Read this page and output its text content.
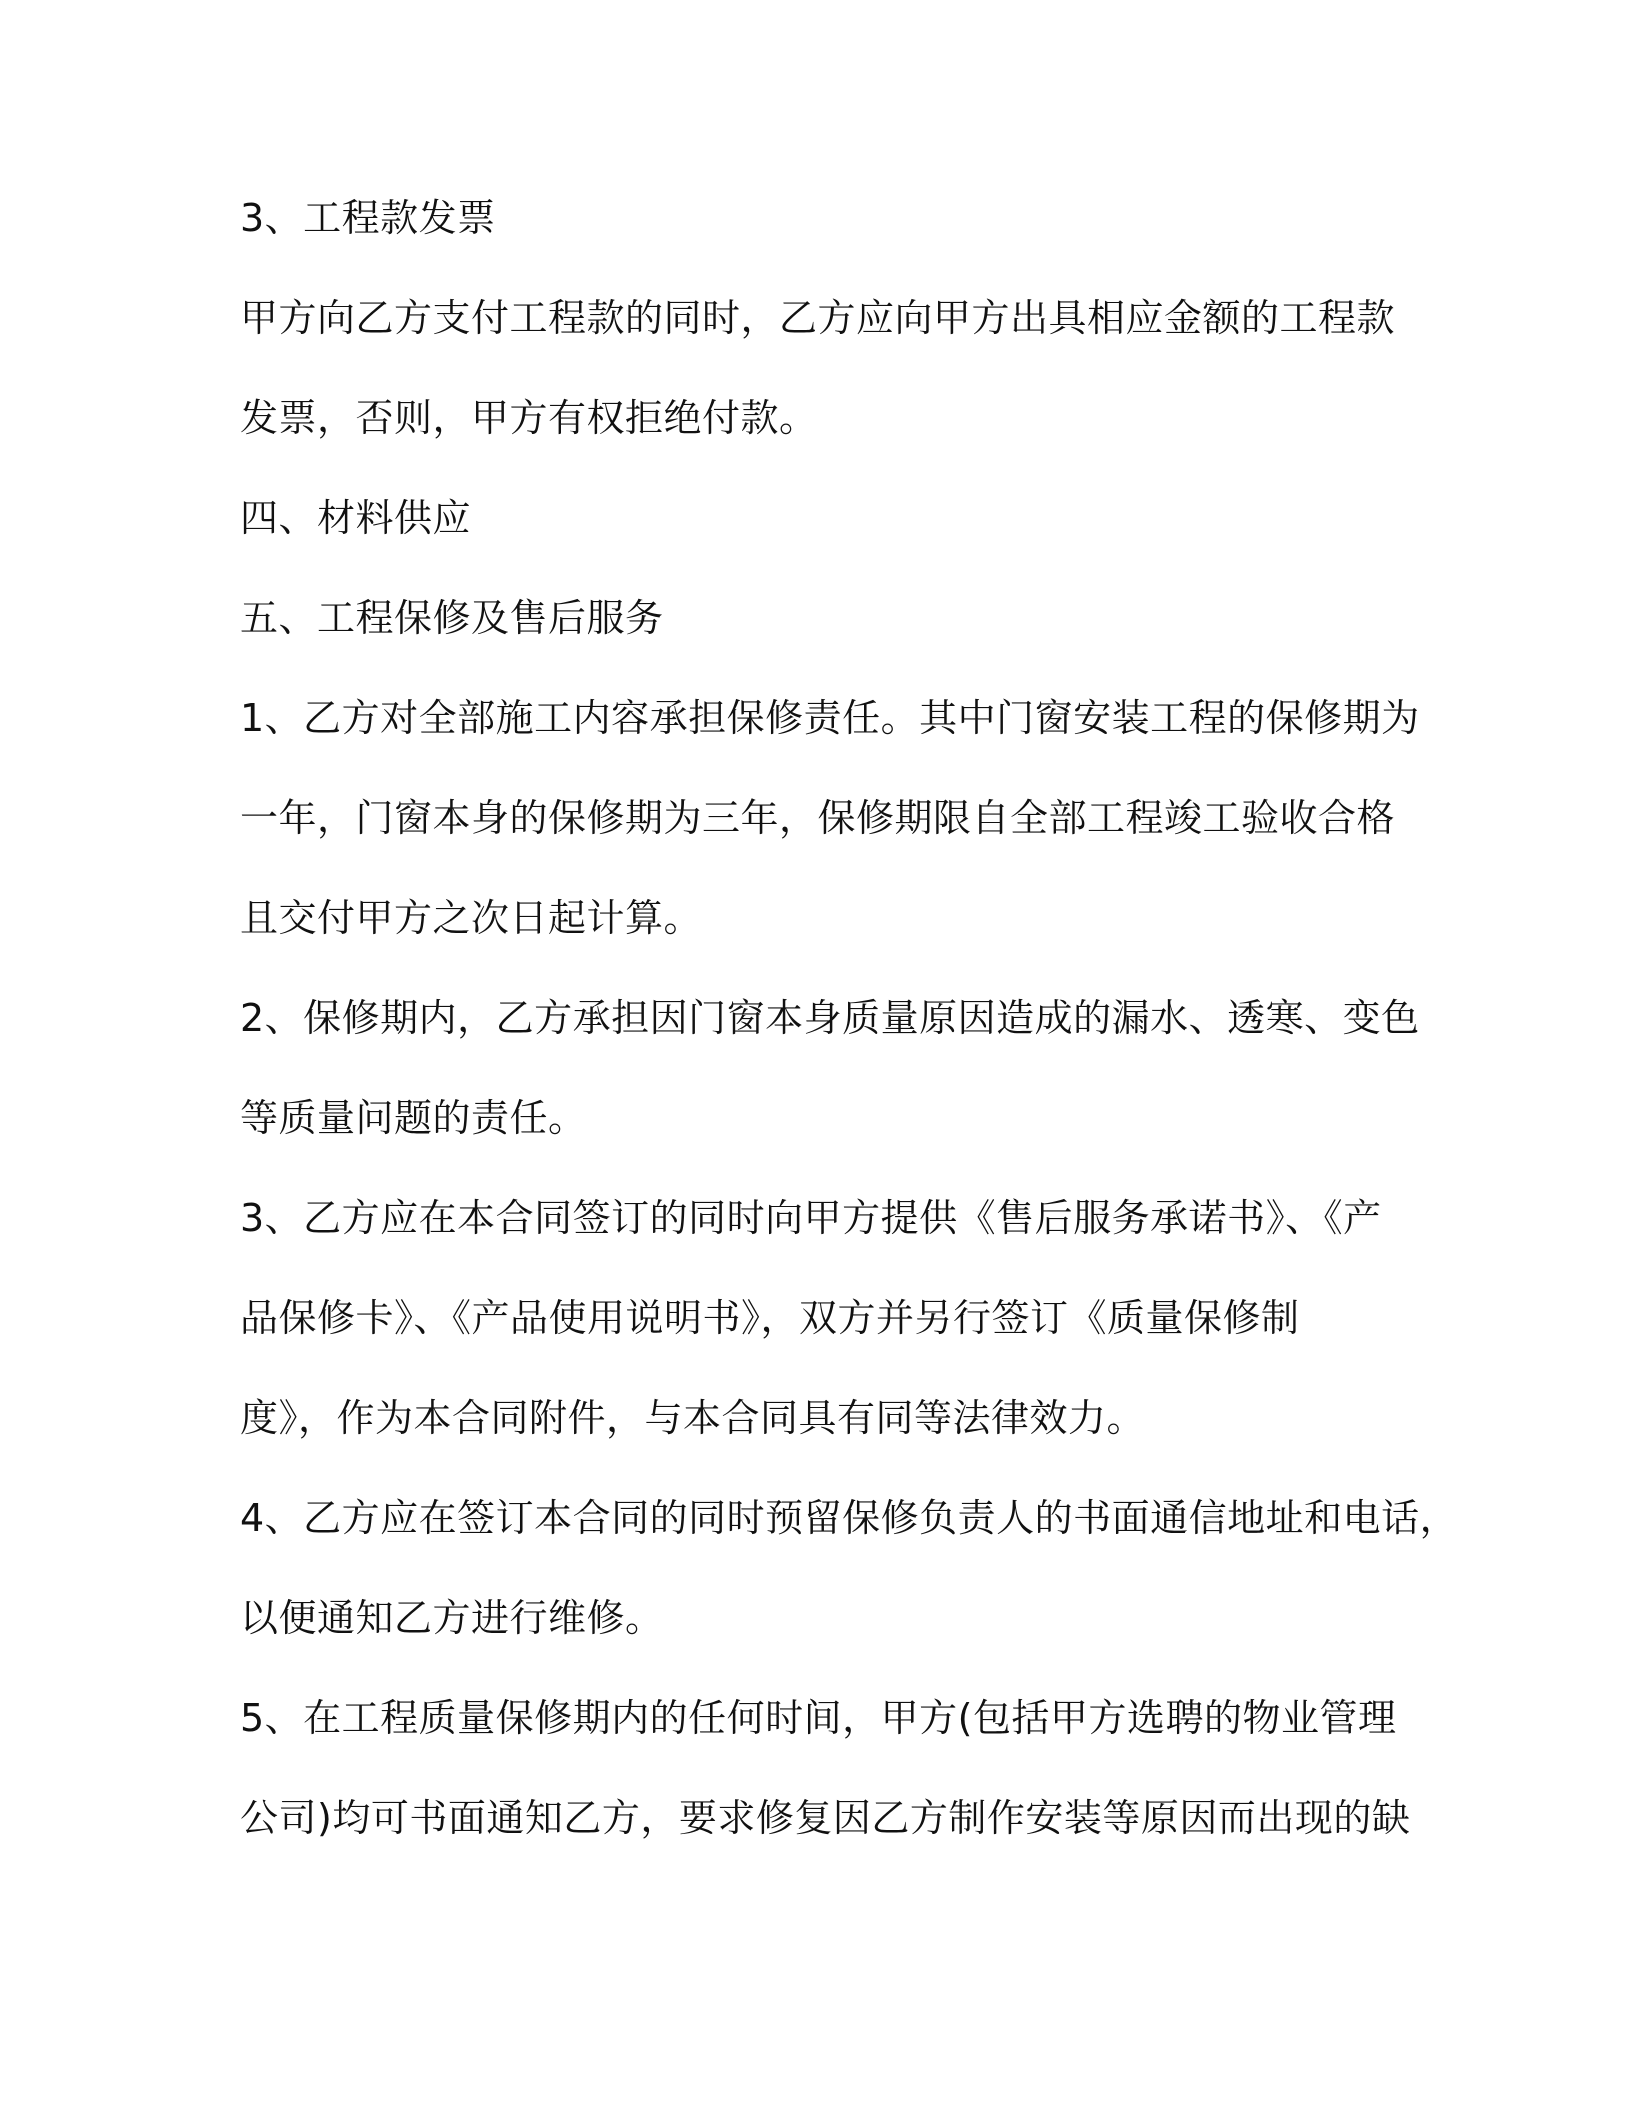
3、工程款发票
甲方向乙方支付工程款的同时，乙方应向甲方出具相应金额的工程款
发票，否则，甲方有权拒绝付款。
四、材料供应
五、工程保修及售后服务
1、乙方对全部施工内容承担保修责任。其中门窗安装工程的保修期为
一年，门窗本身的保修期为三年，保修期限自全部工程竣工验收合格
且交付甲方之次日起计算。
2、保修期内，乙方承担因门窗本身质量原因造成的漏水、透寒、变色
等质量问题的责任。
3、乙方应在本合同签订的同时向甲方提供《售后服务承诺书》、《产
品保修卡》、《产品使用说明书》，双方并另行签订《质量保修制
度》，作为本合同附件，与本合同具有同等法律效力。
4、乙方应在签订本合同的同时预留保修负责人的书面通信地址和电话，
以便通知乙方进行维修。
5、在工程质量保修期内的任何时间，甲方(包括甲方选聘的物业管理
公司)均可书面通知乙方，要求修复因乙方制作安装等原因而出现的缺
